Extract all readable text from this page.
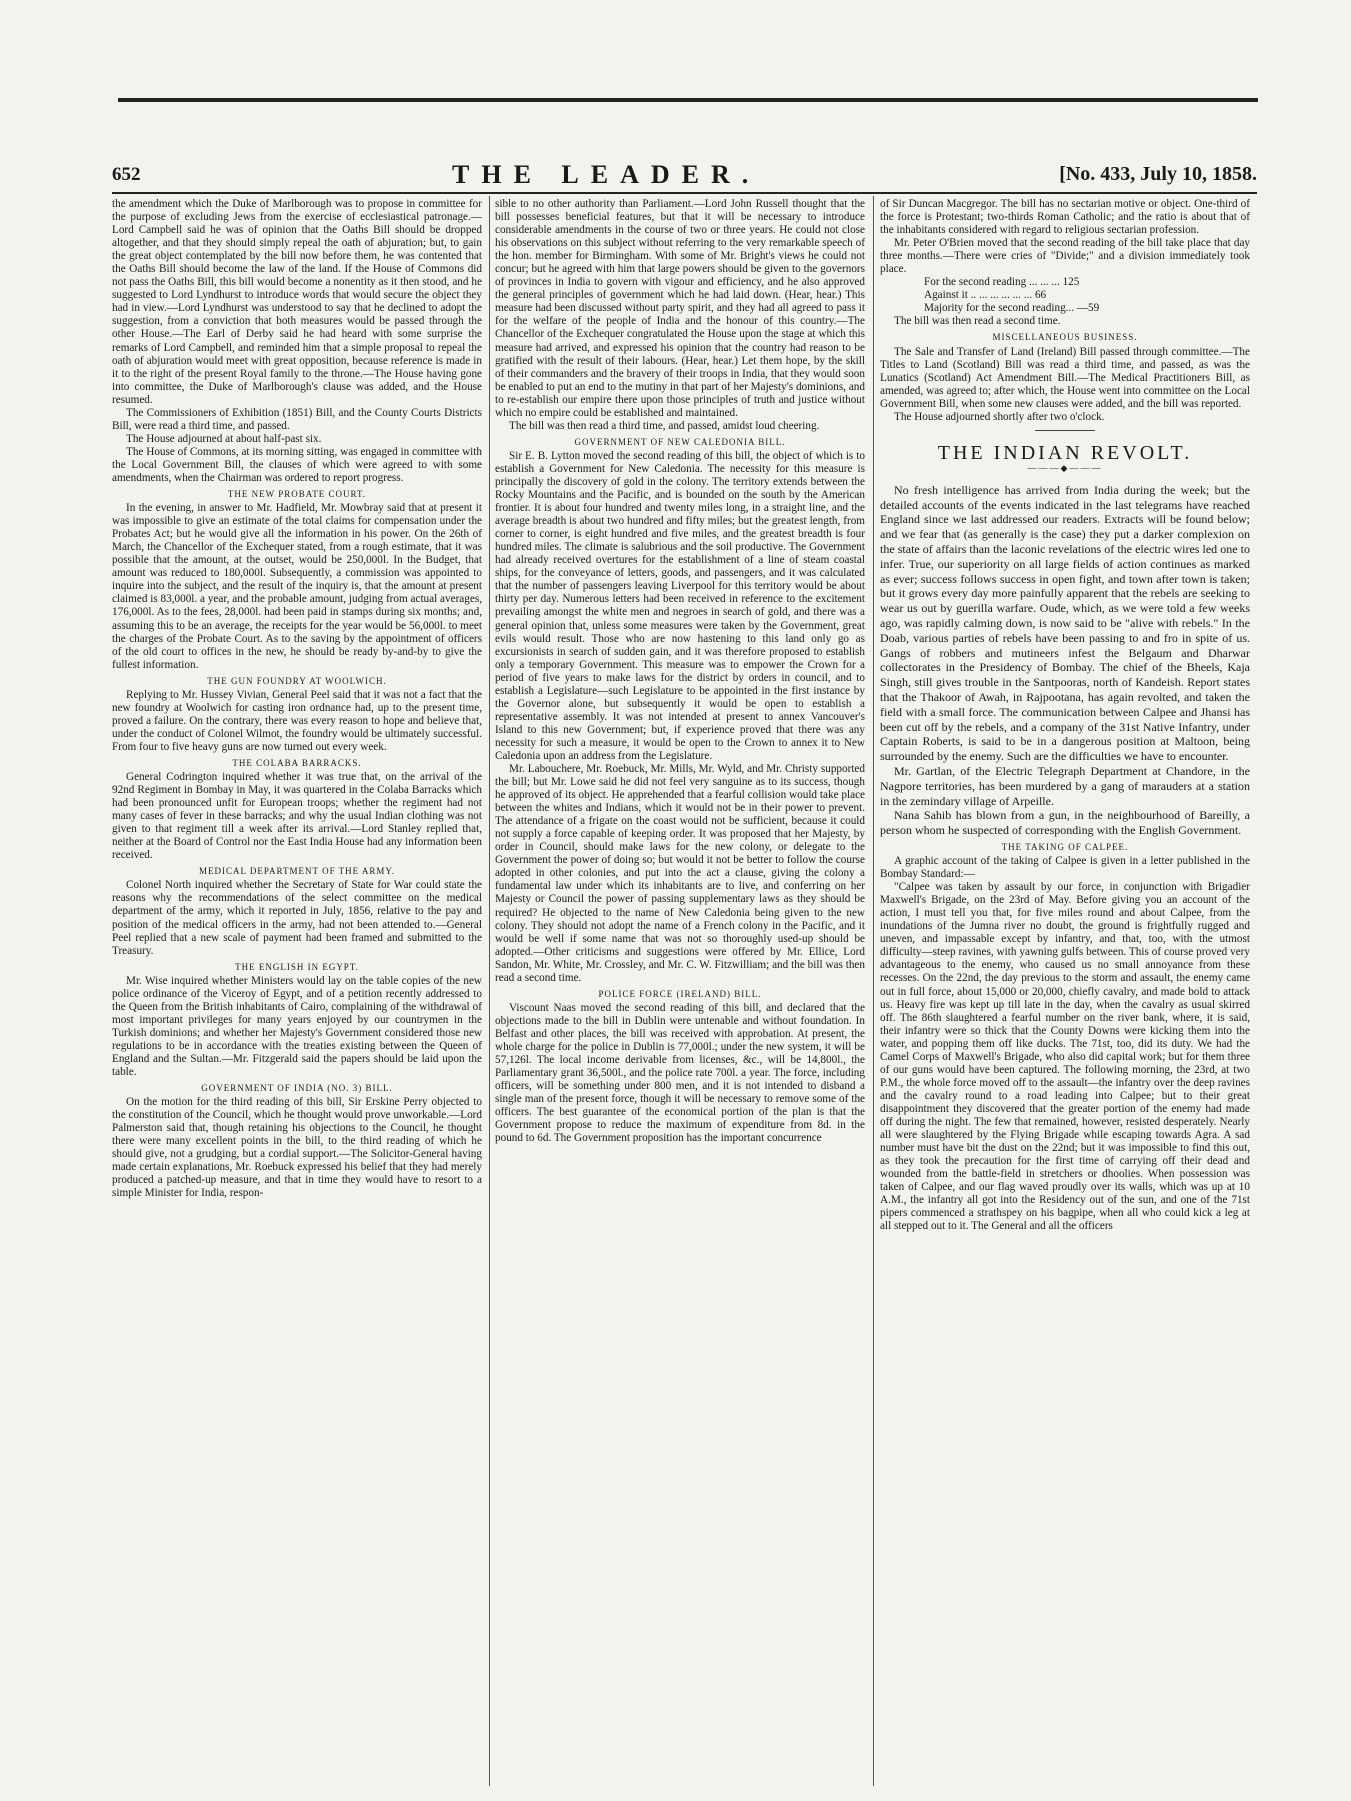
652	THE LEADER.	[No. 433, July 10, 1858.

the amendment which the Duke of Marlborough was to propose in committee for the purpose of excluding Jews from the exercise of ecclesiastical patronage.—Lord Campbell said he was of opinion that the Oaths Bill should be dropped altogether, and that they should simply repeal the oath of abjuration; but, to gain the great object contemplated by the bill now before them, he was contented that the Oaths Bill should become the law of the land. If the House of Commons did not pass the Oaths Bill, this bill would become a nonentity as it then stood, and he suggested to Lord Lyndhurst to introduce words that would secure the object they had in view.—Lord Lyndhurst was understood to say that he declined to adopt the suggestion, from a conviction that both measures would be passed through the other House.—The Earl of Derby said he had heard with some surprise the remarks of Lord Campbell, and reminded him that a simple proposal to repeal the oath of abjuration would meet with great opposition, because reference is made in it to the right of the present Royal family to the throne.—The House having gone into committee, the Duke of Marlborough's clause was added, and the House resumed.

The Commissioners of Exhibition (1851) Bill, and the County Courts Districts Bill, were read a third time, and passed.

The House adjourned at about half-past six.

The House of Commons, at its morning sitting, was engaged in committee with the Local Government Bill, the clauses of which were agreed to with some amendments, when the Chairman was ordered to report progress.

THE NEW PROBATE COURT.

In the evening, in answer to Mr. Hadfield, Mr. Mowbray said that at present it was impossible to give an estimate of the total claims for compensation under the Probates Act; but he would give all the information in his power. On the 26th of March, the Chancellor of the Exchequer stated, from a rough estimate, that it was possible that the amount, at the outset, would be 250,000l. In the Budget, that amount was reduced to 180,000l. Subsequently, a commission was appointed to inquire into the subject, and the result of the inquiry is, that the amount at present claimed is 83,000l. a year, and the probable amount, judging from actual averages, 176,000l. As to the fees, 28,000l. had been paid in stamps during six months; and, assuming this to be an average, the receipts for the year would be 56,000l. to meet the charges of the Probate Court. As to the saving by the appointment of officers of the old court to offices in the new, he should be ready by-and-by to give the fullest information.

THE GUN FOUNDRY AT WOOLWICH.

Replying to Mr. Hussey Vivian, General Peel said that it was not a fact that the new foundry at Woolwich for casting iron ordnance had, up to the present time, proved a failure. On the contrary, there was every reason to hope and believe that, under the conduct of Colonel Wilmot, the foundry would be ultimately successful. From four to five heavy guns are now turned out every week.

THE COLABA BARRACKS.

General Codrington inquired whether it was true that, on the arrival of the 92nd Regiment in Bombay in May, it was quartered in the Colaba Barracks which had been pronounced unfit for European troops; whether the regiment had not many cases of fever in these barracks; and why the usual Indian clothing was not given to that regiment till a week after its arrival.—Lord Stanley replied that, neither at the Board of Control nor the East India House had any information been received.

MEDICAL DEPARTMENT OF THE ARMY.

Colonel North inquired whether the Secretary of State for War could state the reasons why the recommendations of the select committee on the medical department of the army, which it reported in July, 1856, relative to the pay and position of the medical officers in the army, had not been attended to.—General Peel replied that a new scale of payment had been framed and submitted to the Treasury.

THE ENGLISH IN EGYPT.

Mr. Wise inquired whether Ministers would lay on the table copies of the new police ordinance of the Viceroy of Egypt, and of a petition recently addressed to the Queen from the British inhabitants of Cairo, complaining of the withdrawal of most important privileges for many years enjoyed by our countrymen in the Turkish dominions; and whether her Majesty's Government considered those new regulations to be in accordance with the treaties existing between the Queen of England and the Sultan.—Mr. Fitzgerald said the papers should be laid upon the table.

GOVERNMENT OF INDIA (NO. 3) BILL.

On the motion for the third reading of this bill, Sir Erskine Perry objected to the constitution of the Council, which he thought would prove unworkable.—Lord Palmerston said that, though retaining his objections to the Council, he thought there were many excellent points in the bill, to the third reading of which he should give, not a grudging, but a cordial support.—The Solicitor-General having made certain explanations, Mr. Roebuck expressed his belief that they had merely produced a patched-up measure, and that in time they would have to resort to a simple Minister for India, respon-

sible to no other authority than Parliament.—Lord John Russell thought that the bill possesses beneficial features, but that it will be necessary to introduce considerable amendments in the course of two or three years. He could not close his observations on this subject without referring to the very remarkable speech of the hon. member for Birmingham. With some of Mr. Bright's views he could not concur; but he agreed with him that large powers should be given to the governors of provinces in India to govern with vigour and efficiency, and he also approved the general principles of government which he had laid down. (Hear, hear.) This measure had been discussed without party spirit, and they had all agreed to pass it for the welfare of the people of India and the honour of this country.—The Chancellor of the Exchequer congratulated the House upon the stage at which this measure had arrived, and expressed his opinion that the country had reason to be gratified with the result of their labours. (Hear, hear.) Let them hope, by the skill of their commanders and the bravery of their troops in India, that they would soon be enabled to put an end to the mutiny in that part of her Majesty's dominions, and to re-establish our empire there upon those principles of truth and justice without which no empire could be established and maintained.

The bill was then read a third time, and passed, amidst loud cheering.

GOVERNMENT OF NEW CALEDONIA BILL.

Sir E. B. Lytton moved the second reading of this bill, the object of which is to establish a Government for New Caledonia. The necessity for this measure is principally the discovery of gold in the colony. The territory extends between the Rocky Mountains and the Pacific, and is bounded on the south by the American frontier. It is about four hundred and twenty miles long, in a straight line, and the average breadth is about two hundred and fifty miles; but the greatest length, from corner to corner, is eight hundred and five miles, and the greatest breadth is four hundred miles. The climate is salubrious and the soil productive. The Government had already received overtures for the establishment of a line of steam coastal ships, for the conveyance of letters, goods, and passengers, and it was calculated that the number of passengers leaving Liverpool for this territory would be about thirty per day. Numerous letters had been received in reference to the excitement prevailing amongst the white men and negroes in search of gold, and there was a general opinion that, unless some measures were taken by the Government, great evils would result. Those who are now hastening to this land only go as excursionists in search of sudden gain, and it was therefore proposed to establish only a temporary Government. This measure was to empower the Crown for a period of five years to make laws for the district by orders in council, and to establish a Legislature—such Legislature to be appointed in the first instance by the Governor alone, but subsequently it would be open to establish a representative assembly. It was not intended at present to annex Vancouver's Island to this new Government; but, if experience proved that there was any necessity for such a measure, it would be open to the Crown to annex it to New Caledonia upon an address from the Legislature.

Mr. Labouchere, Mr. Roebuck, Mr. Mills, Mr. Wyld, and Mr. Christy supported the bill; but Mr. Lowe said he did not feel very sanguine as to its success, though he approved of its object. He apprehended that a fearful collision would take place between the whites and Indians, which it would not be in their power to prevent. The attendance of a frigate on the coast would not be sufficient, because it could not supply a force capable of keeping order. It was proposed that her Majesty, by order in Council, should make laws for the new colony, or delegate to the Government the power of doing so; but would it not be better to follow the course adopted in other colonies, and put into the act a clause, giving the colony a fundamental law under which its inhabitants are to live, and conferring on her Majesty or Council the power of passing supplementary laws as they should be required? He objected to the name of New Caledonia being given to the new colony. They should not adopt the name of a French colony in the Pacific, and it would be well if some name that was not so thoroughly used-up should be adopted.—Other criticisms and suggestions were offered by Mr. Ellice, Lord Sandon, Mr. White, Mr. Crossley, and Mr. C. W. Fitzwilliam; and the bill was then read a second time.

POLICE FORCE (IRELAND) BILL.

Viscount Naas moved the second reading of this bill, and declared that the objections made to the bill in Dublin were untenable and without foundation. In Belfast and other places, the bill was received with approbation. At present, the whole charge for the police in Dublin is 77,000l.; under the new system, it will be 57,126l. The local income derivable from licenses, &c., will be 14,800l., the Parliamentary grant 36,500l., and the police rate 700l. a year. The force, including officers, will be something under 800 men, and it is not intended to disband a single man of the present force, though it will be necessary to remove some of the officers. The best guarantee of the economical portion of the plan is that the Government propose to reduce the maximum of expenditure from 8d. in the pound to 6d. The Government proposition has the important concurrence

of Sir Duncan Macgregor. The bill has no sectarian motive or object. One-third of the force is Protestant; two-thirds Roman Catholic; and the ratio is about that of the inhabitants considered with regard to religious sectarian profession.

Mr. Peter O'Brien moved that the second reading of the bill take place that day three months.—There were cries of "Divide;" and a division immediately took place.

For the second reading ... ... ... 125

Against it .. ... ... ... ... ... 66

Majority for the second reading... —59

The bill was then read a second time.

MISCELLANEOUS BUSINESS.

The Sale and Transfer of Land (Ireland) Bill passed through committee.—The Titles to Land (Scotland) Bill was read a third time, and passed, as was the Lunatics (Scotland) Act Amendment Bill.—The Medical Practitioners Bill, as amended, was agreed to; after which, the House went into committee on the Local Government Bill, when some new clauses were added, and the bill was reported.

The House adjourned shortly after two o'clock.

THE INDIAN REVOLT.
———◆———

No fresh intelligence has arrived from India during the week; but the detailed accounts of the events indicated in the last telegrams have reached England since we last addressed our readers. Extracts will be found below; and we fear that (as generally is the case) they put a darker complexion on the state of affairs than the laconic revelations of the electric wires led one to infer. True, our superiority on all large fields of action continues as marked as ever; success follows success in open fight, and town after town is taken; but it grows every day more painfully apparent that the rebels are seeking to wear us out by guerilla warfare. Oude, which, as we were told a few weeks ago, was rapidly calming down, is now said to be "alive with rebels." In the Doab, various parties of rebels have been passing to and fro in spite of us. Gangs of robbers and mutineers infest the Belgaum and Dharwar collectorates in the Presidency of Bombay. The chief of the Bheels, Kaja Singh, still gives trouble in the Santpooras, north of Kandeish. Report states that the Thakoor of Awah, in Rajpootana, has again revolted, and taken the field with a small force. The communication between Calpee and Jhansi has been cut off by the rebels, and a company of the 31st Native Infantry, under Captain Roberts, is said to be in a dangerous position at Maltoon, being surrounded by the enemy. Such are the difficulties we have to encounter.

Mr. Gartlan, of the Electric Telegraph Department at Chandore, in the Nagpore territories, has been murdered by a gang of marauders at a station in the zemindary village of Arpeille.

Nana Sahib has blown from a gun, in the neighbourhood of Bareilly, a person whom he suspected of corresponding with the English Government.

THE TAKING OF CALPEE.

A graphic account of the taking of Calpee is given in a letter published in the Bombay Standard:—

"Calpee was taken by assault by our force, in conjunction with Brigadier Maxwell's Brigade, on the 23rd of May. Before giving you an account of the action, I must tell you that, for five miles round and about Calpee, from the inundations of the Jumna river no doubt, the ground is frightfully rugged and uneven, and impassable except by infantry, and that, too, with the utmost difficulty—steep ravines, with yawning gulfs between. This of course proved very advantageous to the enemy, who caused us no small annoyance from these recesses. On the 22nd, the day previous to the storm and assault, the enemy came out in full force, about 15,000 or 20,000, chiefly cavalry, and made bold to attack us. Heavy fire was kept up till late in the day, when the cavalry as usual skirred off. The 86th slaughtered a fearful number on the river bank, where, it is said, their infantry were so thick that the County Downs were kicking them into the water, and popping them off like ducks. The 71st, too, did its duty. We had the Camel Corps of Maxwell's Brigade, who also did capital work; but for them three of our guns would have been captured. The following morning, the 23rd, at two P.M., the whole force moved off to the assault—the infantry over the deep ravines and the cavalry round to a road leading into Calpee; but to their great disappointment they discovered that the greater portion of the enemy had made off during the night. The few that remained, however, resisted desperately. Nearly all were slaughtered by the Flying Brigade while escaping towards Agra. A sad number must have bit the dust on the 22nd; but it was impossible to find this out, as they took the precaution for the first time of carrying off their dead and wounded from the battle-field in stretchers or dhoolies. When possession was taken of Calpee, and our flag waved proudly over its walls, which was up at 10 A.M., the infantry all got into the Residency out of the sun, and one of the 71st pipers commenced a strathspey on his bagpipe, when all who could kick a leg at all stepped out to it. The General and all the officers
